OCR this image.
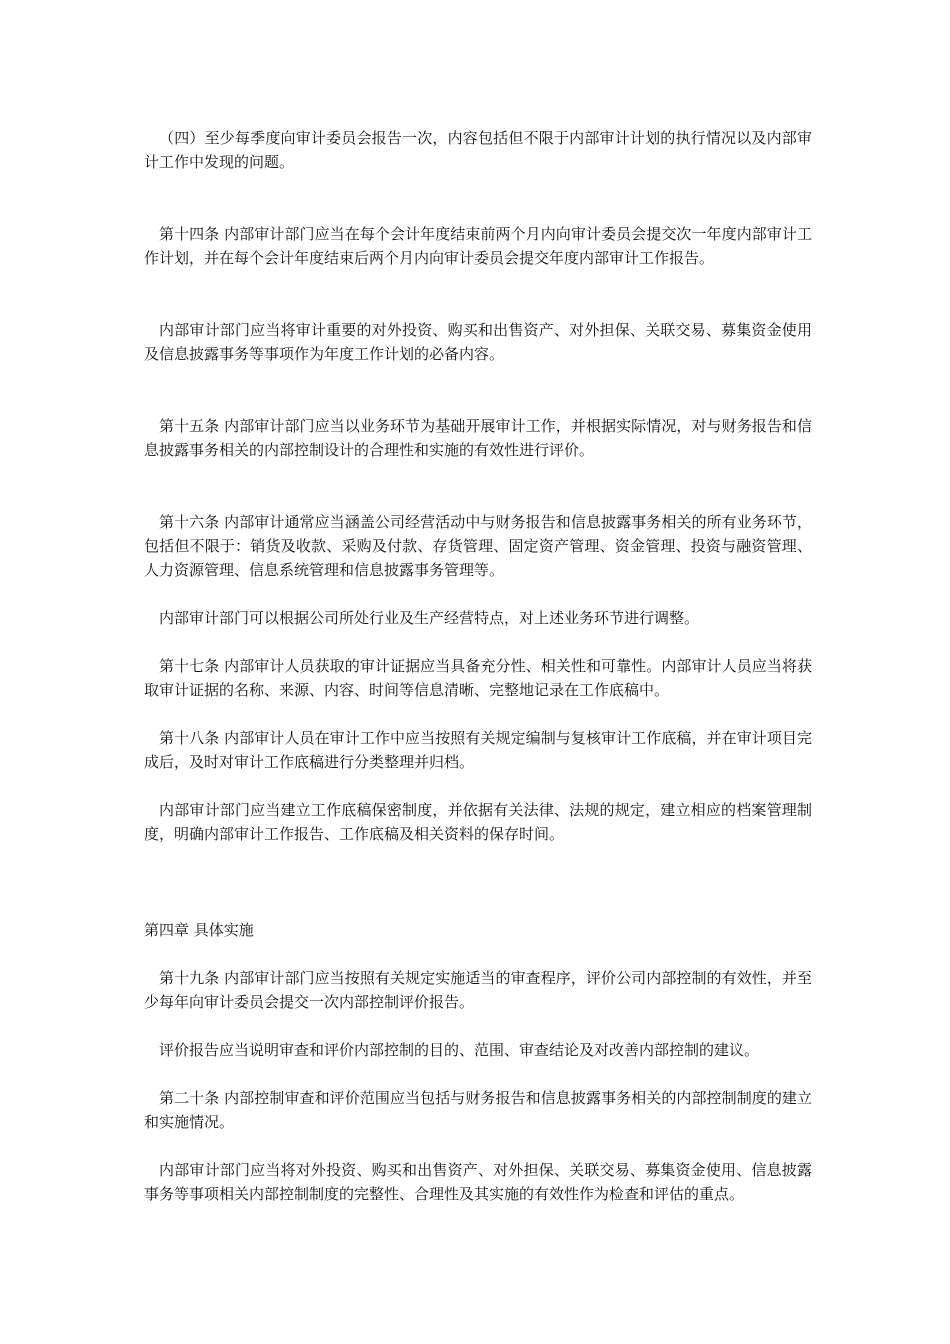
（四）至少每季度向审计委员会报告一次，内容包括但不限于内部审计计划的执行情况以及内部审计工作中发现的问题。

第十四条 内部审计部门应当在每个会计年度结束前两个月内向审计委员会提交次一年度内部审计工作计划，并在每个会计年度结束后两个月内向审计委员会提交年度内部审计工作报告。

内部审计部门应当将审计重要的对外投资、购买和出售资产、对外担保、关联交易、募集资金使用及信息披露事务等事项作为年度工作计划的必备内容。

第十五条 内部审计部门应当以业务环节为基础开展审计工作，并根据实际情况，对与财务报告和信息披露事务相关的内部控制设计的合理性和实施的有效性进行评价。

第十六条 内部审计通常应当涵盖公司经营活动中与财务报告和信息披露事务相关的所有业务环节，包括但不限于：销货及收款、采购及付款、存货管理、固定资产管理、资金管理、投资与融资管理、人力资源管理、信息系统管理和信息披露事务管理等。

内部审计部门可以根据公司所处行业及生产经营特点，对上述业务环节进行调整。

第十七条 内部审计人员获取的审计证据应当具备充分性、相关性和可靠性。内部审计人员应当将获取审计证据的名称、来源、内容、时间等信息清晰、完整地记录在工作底稿中。

第十八条 内部审计人员在审计工作中应当按照有关规定编制与复核审计工作底稿，并在审计项目完成后，及时对审计工作底稿进行分类整理并归档。

内部审计部门应当建立工作底稿保密制度，并依据有关法律、法规的规定，建立相应的档案管理制度，明确内部审计工作报告、工作底稿及相关资料的保存时间。

第四章 具体实施

第十九条 内部审计部门应当按照有关规定实施适当的审查程序，评价公司内部控制的有效性，并至少每年向审计委员会提交一次内部控制评价报告。

评价报告应当说明审查和评价内部控制的目的、范围、审查结论及对改善内部控制的建议。

第二十条 内部控制审查和评价范围应当包括与财务报告和信息披露事务相关的内部控制制度的建立和实施情况。

内部审计部门应当将对外投资、购买和出售资产、对外担保、关联交易、募集资金使用、信息披露事务等事项相关内部控制制度的完整性、合理性及其实施的有效性作为检查和评估的重点。
